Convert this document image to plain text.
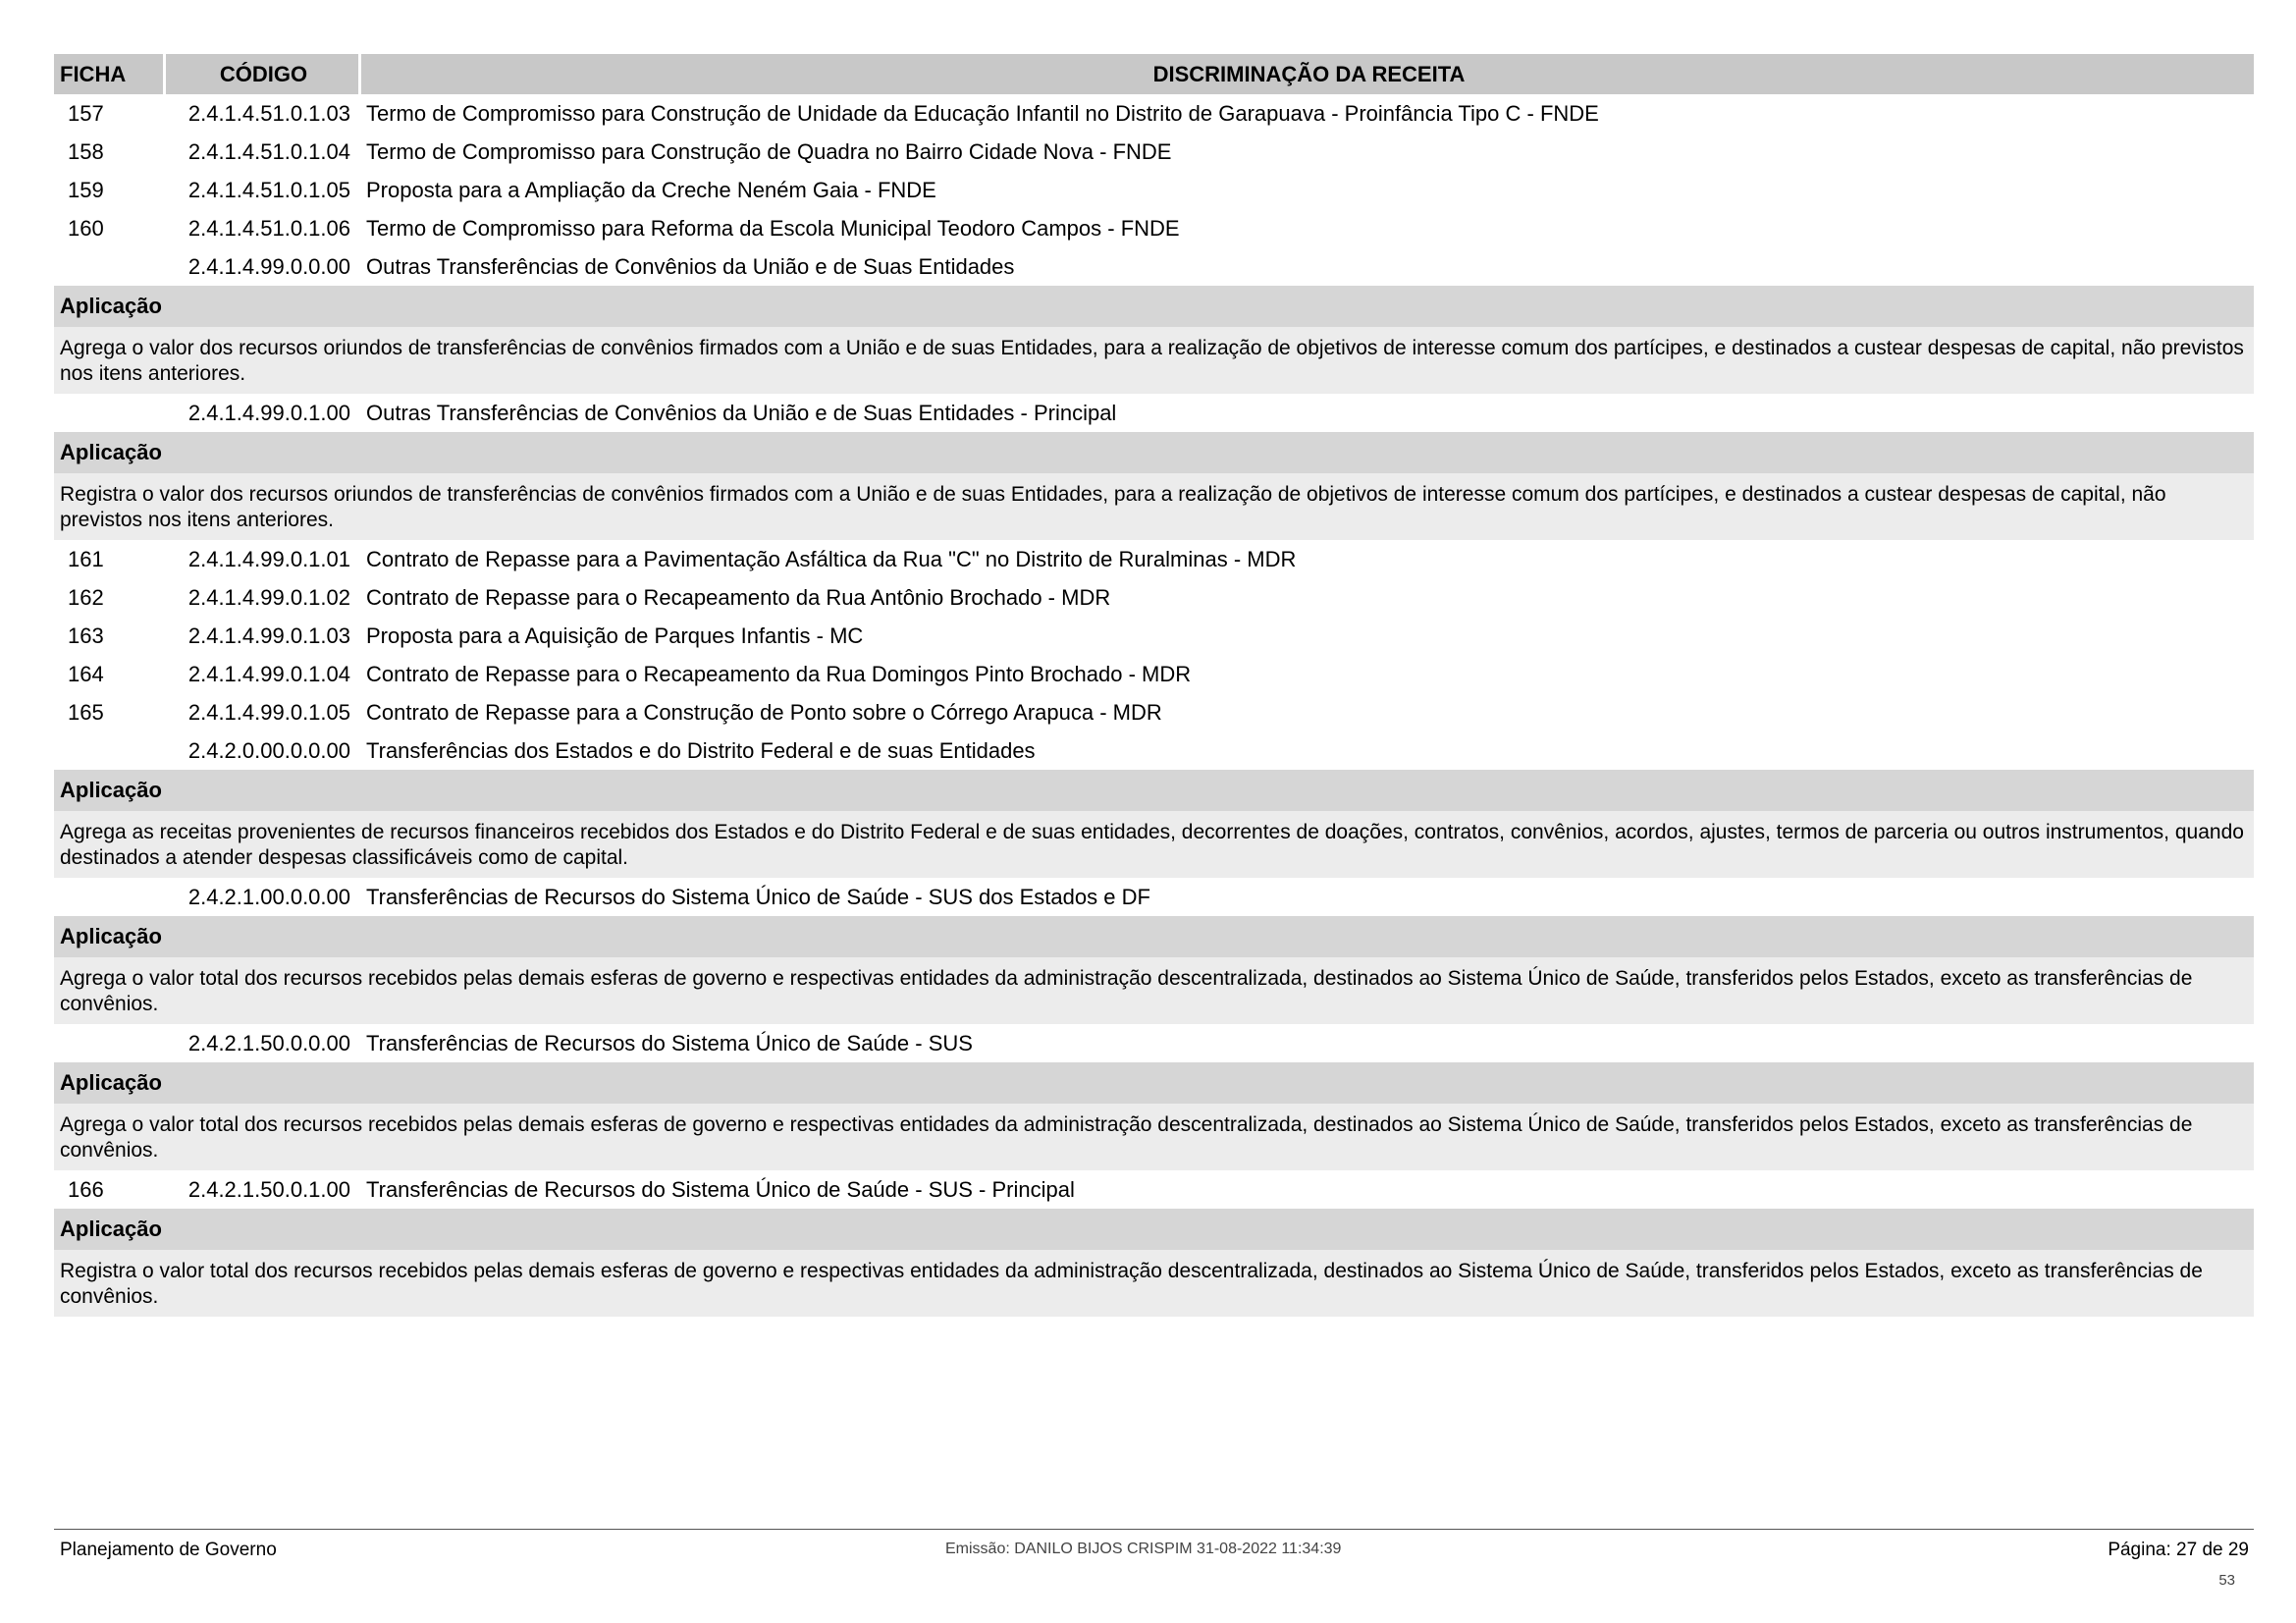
FICHA	CÓDIGO	DISCRIMINAÇÃO DA RECEITA
157	2.4.1.4.51.0.1.03 Termo de Compromisso para Construção de Unidade da Educação Infantil no Distrito de Garapuava - Proinfância Tipo C - FNDE
158	2.4.1.4.51.0.1.04 Termo de Compromisso para Construção de Quadra no Bairro Cidade Nova - FNDE
159	2.4.1.4.51.0.1.05 Proposta para a Ampliação da Creche Neném Gaia - FNDE
160	2.4.1.4.51.0.1.06 Termo de Compromisso para Reforma da Escola Municipal Teodoro Campos - FNDE
2.4.1.4.99.0.0.00 Outras Transferências de Convênios da União e de Suas Entidades
Aplicação
Agrega o valor dos recursos oriundos de transferências de convênios firmados com a União e de suas Entidades, para a realização de objetivos de interesse comum dos partícipes, e destinados a custear despesas de capital, não previstos nos itens anteriores.
2.4.1.4.99.0.1.00 Outras Transferências de Convênios da União e de Suas Entidades - Principal
Aplicação
Registra o valor dos recursos oriundos de transferências de convênios firmados com a União e de suas Entidades, para a realização de objetivos de interesse comum dos partícipes, e destinados a custear despesas de capital, não previstos nos itens anteriores.
161	2.4.1.4.99.0.1.01 Contrato de Repasse para a Pavimentação Asfáltica da Rua "C" no Distrito de Ruralminas - MDR
162	2.4.1.4.99.0.1.02 Contrato de Repasse para o Recapeamento da Rua Antônio Brochado - MDR
163	2.4.1.4.99.0.1.03 Proposta para a Aquisição de Parques Infantis - MC
164	2.4.1.4.99.0.1.04 Contrato de Repasse para o Recapeamento da Rua Domingos Pinto Brochado - MDR
165	2.4.1.4.99.0.1.05 Contrato de Repasse para a Construção de Ponto sobre o Córrego Arapuca - MDR
2.4.2.0.00.0.0.00 Transferências dos Estados e do Distrito Federal e de suas Entidades
Aplicação
Agrega as receitas provenientes de recursos financeiros recebidos dos Estados e do Distrito Federal e de suas entidades, decorrentes de doações, contratos, convênios, acordos, ajustes, termos de parceria ou outros instrumentos, quando destinados a atender despesas classificáveis como de capital.
2.4.2.1.00.0.0.00 Transferências de Recursos do Sistema Único de Saúde - SUS dos Estados e DF
Aplicação
Agrega o valor total dos recursos recebidos pelas demais esferas de governo e respectivas entidades da administração descentralizada, destinados ao Sistema Único de Saúde, transferidos pelos Estados, exceto as transferências de convênios.
2.4.2.1.50.0.0.00 Transferências de Recursos do Sistema Único de Saúde - SUS
Aplicação
Agrega o valor total dos recursos recebidos pelas demais esferas de governo e respectivas entidades da administração descentralizada, destinados ao Sistema Único de Saúde, transferidos pelos Estados, exceto as transferências de convênios.
166	2.4.2.1.50.0.1.00 Transferências de Recursos do Sistema Único de Saúde - SUS - Principal
Aplicação
Registra o valor total dos recursos recebidos pelas demais esferas de governo e respectivas entidades da administração descentralizada, destinados ao Sistema Único de Saúde, transferidos pelos Estados, exceto as transferências de convênios.
Planejamento de Governo	Emissão: DANILO BIJOS CRISPIM 31-08-2022 11:34:39	Página: 27 de 29
53
